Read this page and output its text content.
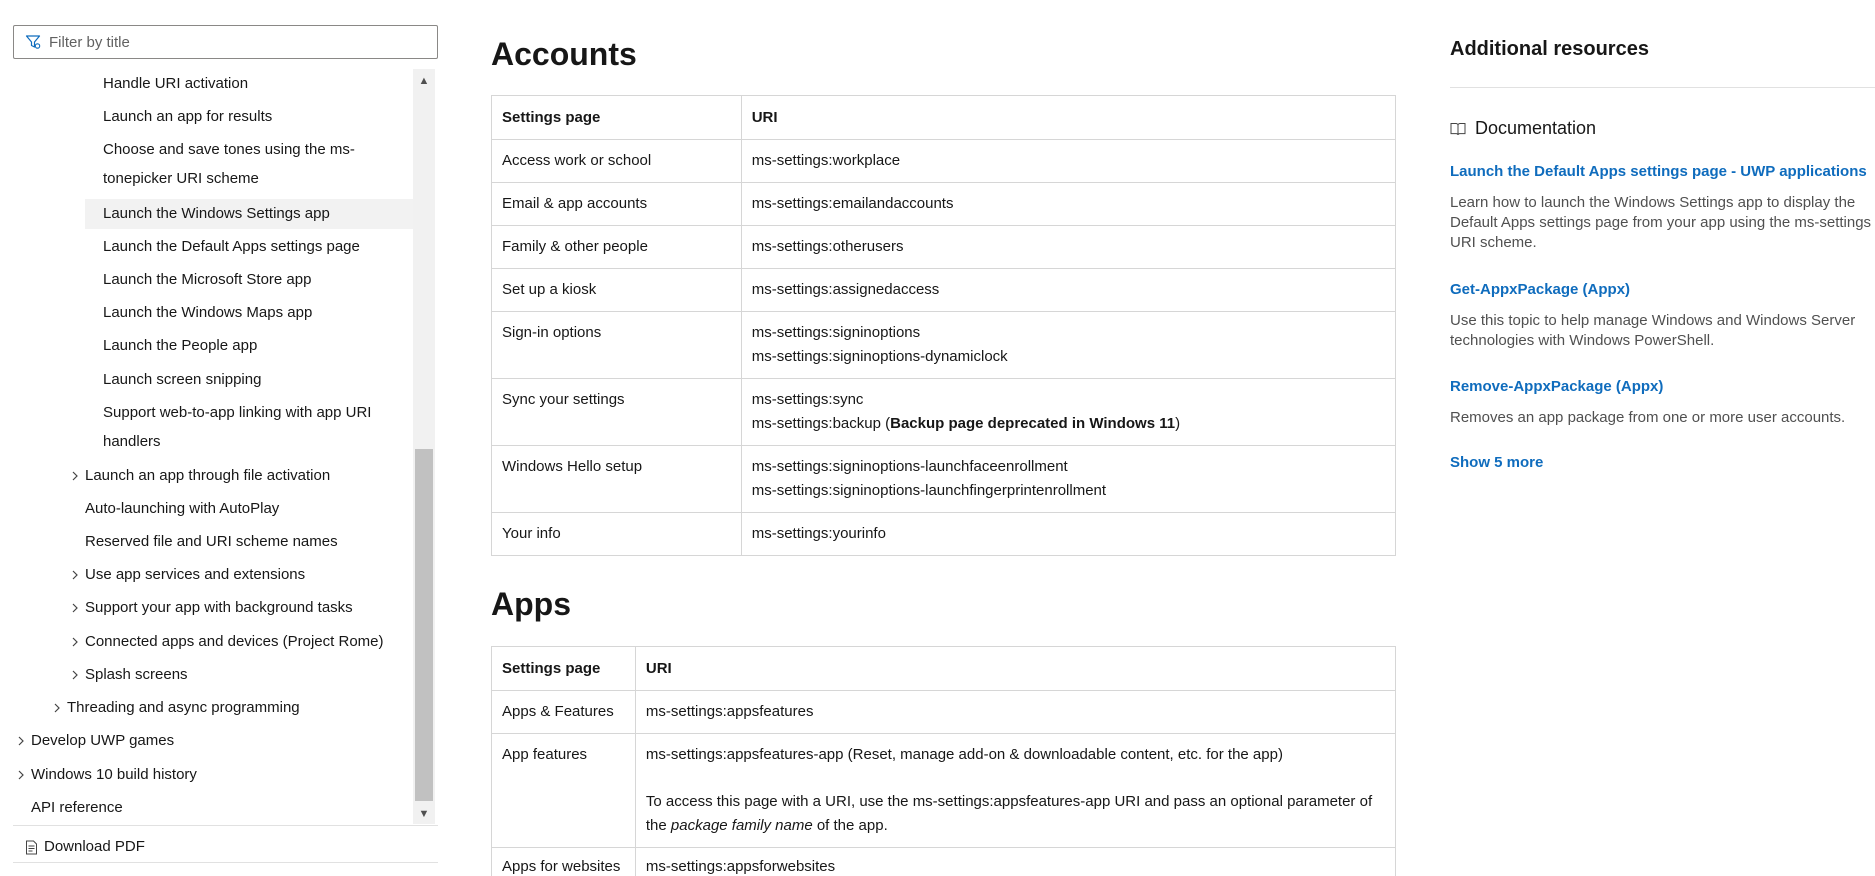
Filter by title
Handle URI activation
Launch an app for results
Choose and save tones using the ms-tonepicker URI scheme
Launch the Windows Settings app
Launch the Default Apps settings page
Launch the Microsoft Store app
Launch the Windows Maps app
Launch the People app
Launch screen snipping
Support web-to-app linking with app URI handlers
Launch an app through file activation
Auto-launching with AutoPlay
Reserved file and URI scheme names
Use app services and extensions
Support your app with background tasks
Connected apps and devices (Project Rome)
Splash screens
Threading and async programming
Develop UWP games
Windows 10 build history
API reference
▲
▼
Download PDF
Accounts
Settings page	URI
Access work or school	ms-settings:workplace
Email & app accounts	ms-settings:emailandaccounts
Family & other people	ms-settings:otherusers
Set up a kiosk	ms-settings:assignedaccess
Sign-in options	ms-settings:signinoptions
ms-settings:signinoptions-dynamiclock

Sync your settings	ms-settings:sync
ms-settings:backup (Backup page deprecated in Windows 11)

Windows Hello setup	ms-settings:signinoptions-launchfaceenrollment
ms-settings:signinoptions-launchfingerprintenrollment

Your info	ms-settings:yourinfo
Apps
Settings page	URI
Apps & Features	ms-settings:appsfeatures
App features	ms-settings:appsfeatures-app (Reset, manage add-on & downloadable content, etc. for the app)
To access this page with a URI, use the ms-settings:appsfeatures-app URI and pass an optional parameter of the package family name of the app.

Apps for websites	ms-settings:appsforwebsites
Additional resources
Documentation
Launch the Default Apps settings page - UWP applications
Learn how to launch the Windows Settings app to display the Default Apps settings page from your app using the ms-settings URI scheme.
Get-AppxPackage (Appx)
Use this topic to help manage Windows and Windows Server technologies with Windows PowerShell.
Remove-AppxPackage (Appx)
Removes an app package from one or more user accounts.
Show 5 more
